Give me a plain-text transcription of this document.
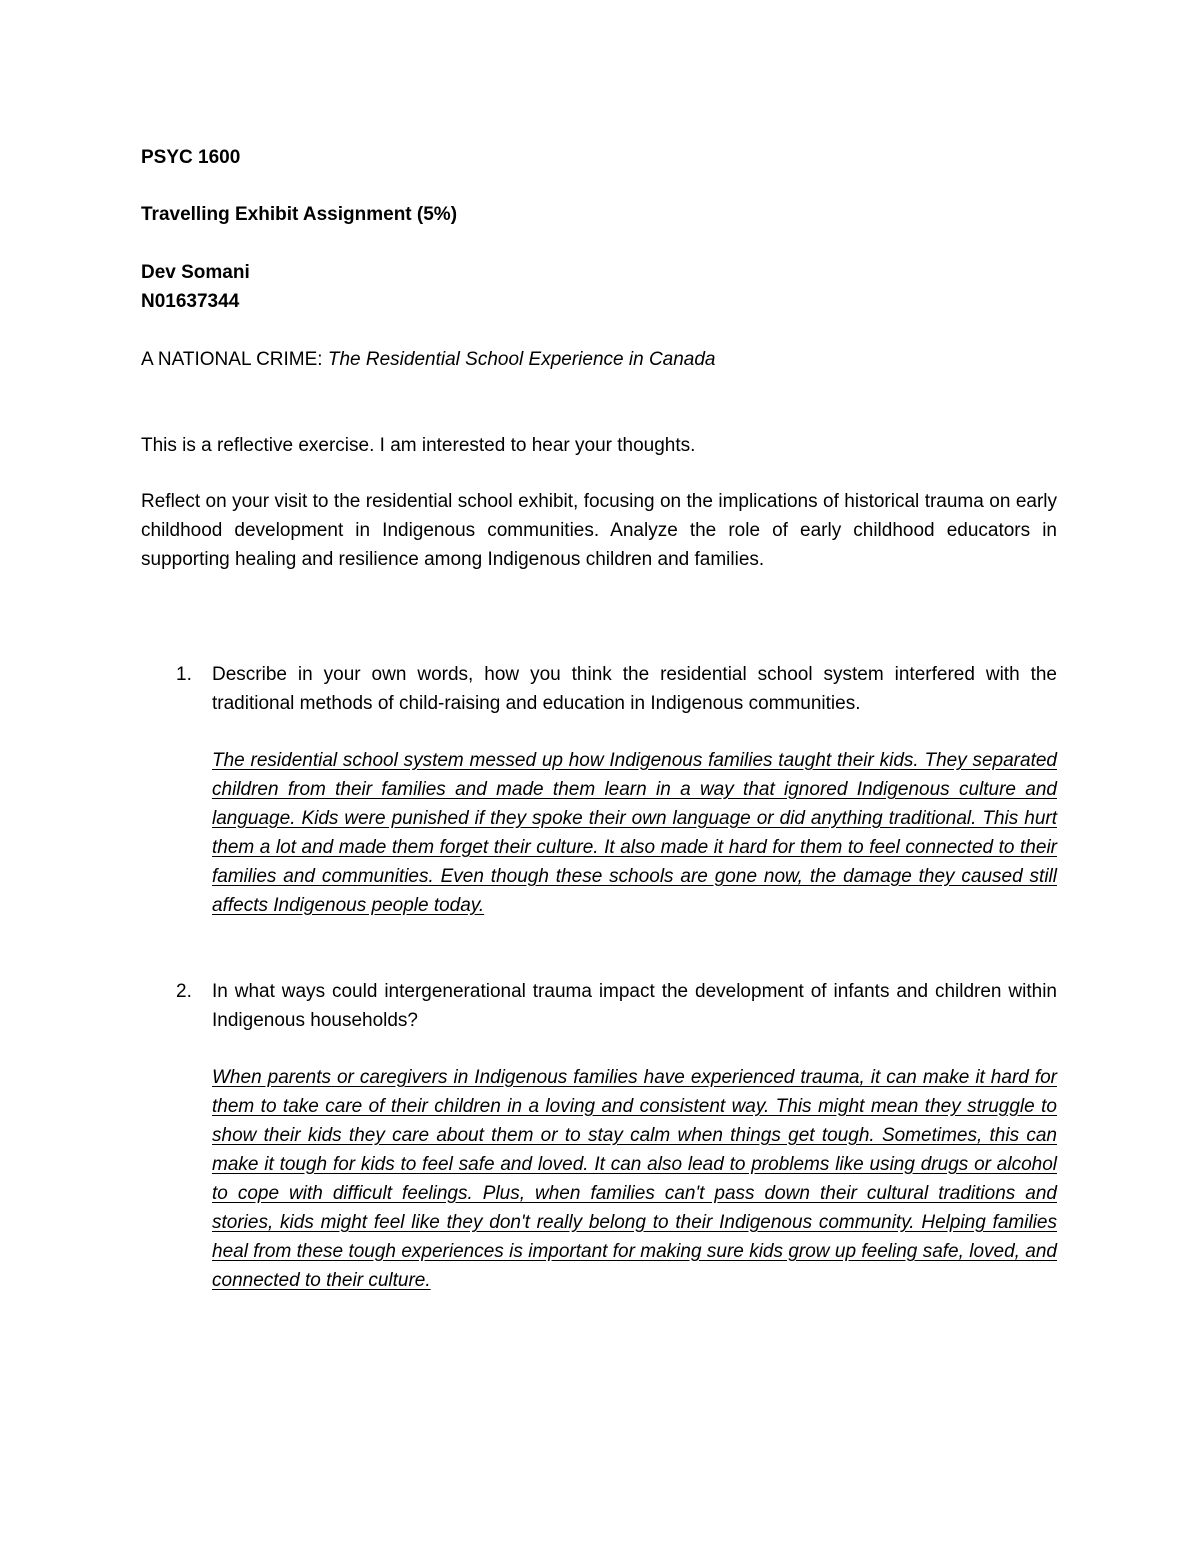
PSYC 1600
Travelling Exhibit Assignment (5%)
Dev Somani
N01637344
A NATIONAL CRIME: The Residential School Experience in Canada
This is a reflective exercise. I am interested to hear your thoughts.
Reflect on your visit to the residential school exhibit, focusing on the implications of historical trauma on early childhood development in Indigenous communities. Analyze the role of early childhood educators in supporting healing and resilience among Indigenous children and families.
1. Describe in your own words, how you think the residential school system interfered with the traditional methods of child-raising and education in Indigenous communities.
The residential school system messed up how Indigenous families taught their kids. They separated children from their families and made them learn in a way that ignored Indigenous culture and language. Kids were punished if they spoke their own language or did anything traditional. This hurt them a lot and made them forget their culture. It also made it hard for them to feel connected to their families and communities. Even though these schools are gone now, the damage they caused still affects Indigenous people today.
2. In what ways could intergenerational trauma impact the development of infants and children within Indigenous households?
When parents or caregivers in Indigenous families have experienced trauma, it can make it hard for them to take care of their children in a loving and consistent way. This might mean they struggle to show their kids they care about them or to stay calm when things get tough. Sometimes, this can make it tough for kids to feel safe and loved. It can also lead to problems like using drugs or alcohol to cope with difficult feelings. Plus, when families can't pass down their cultural traditions and stories, kids might feel like they don't really belong to their Indigenous community. Helping families heal from these tough experiences is important for making sure kids grow up feeling safe, loved, and connected to their culture.
